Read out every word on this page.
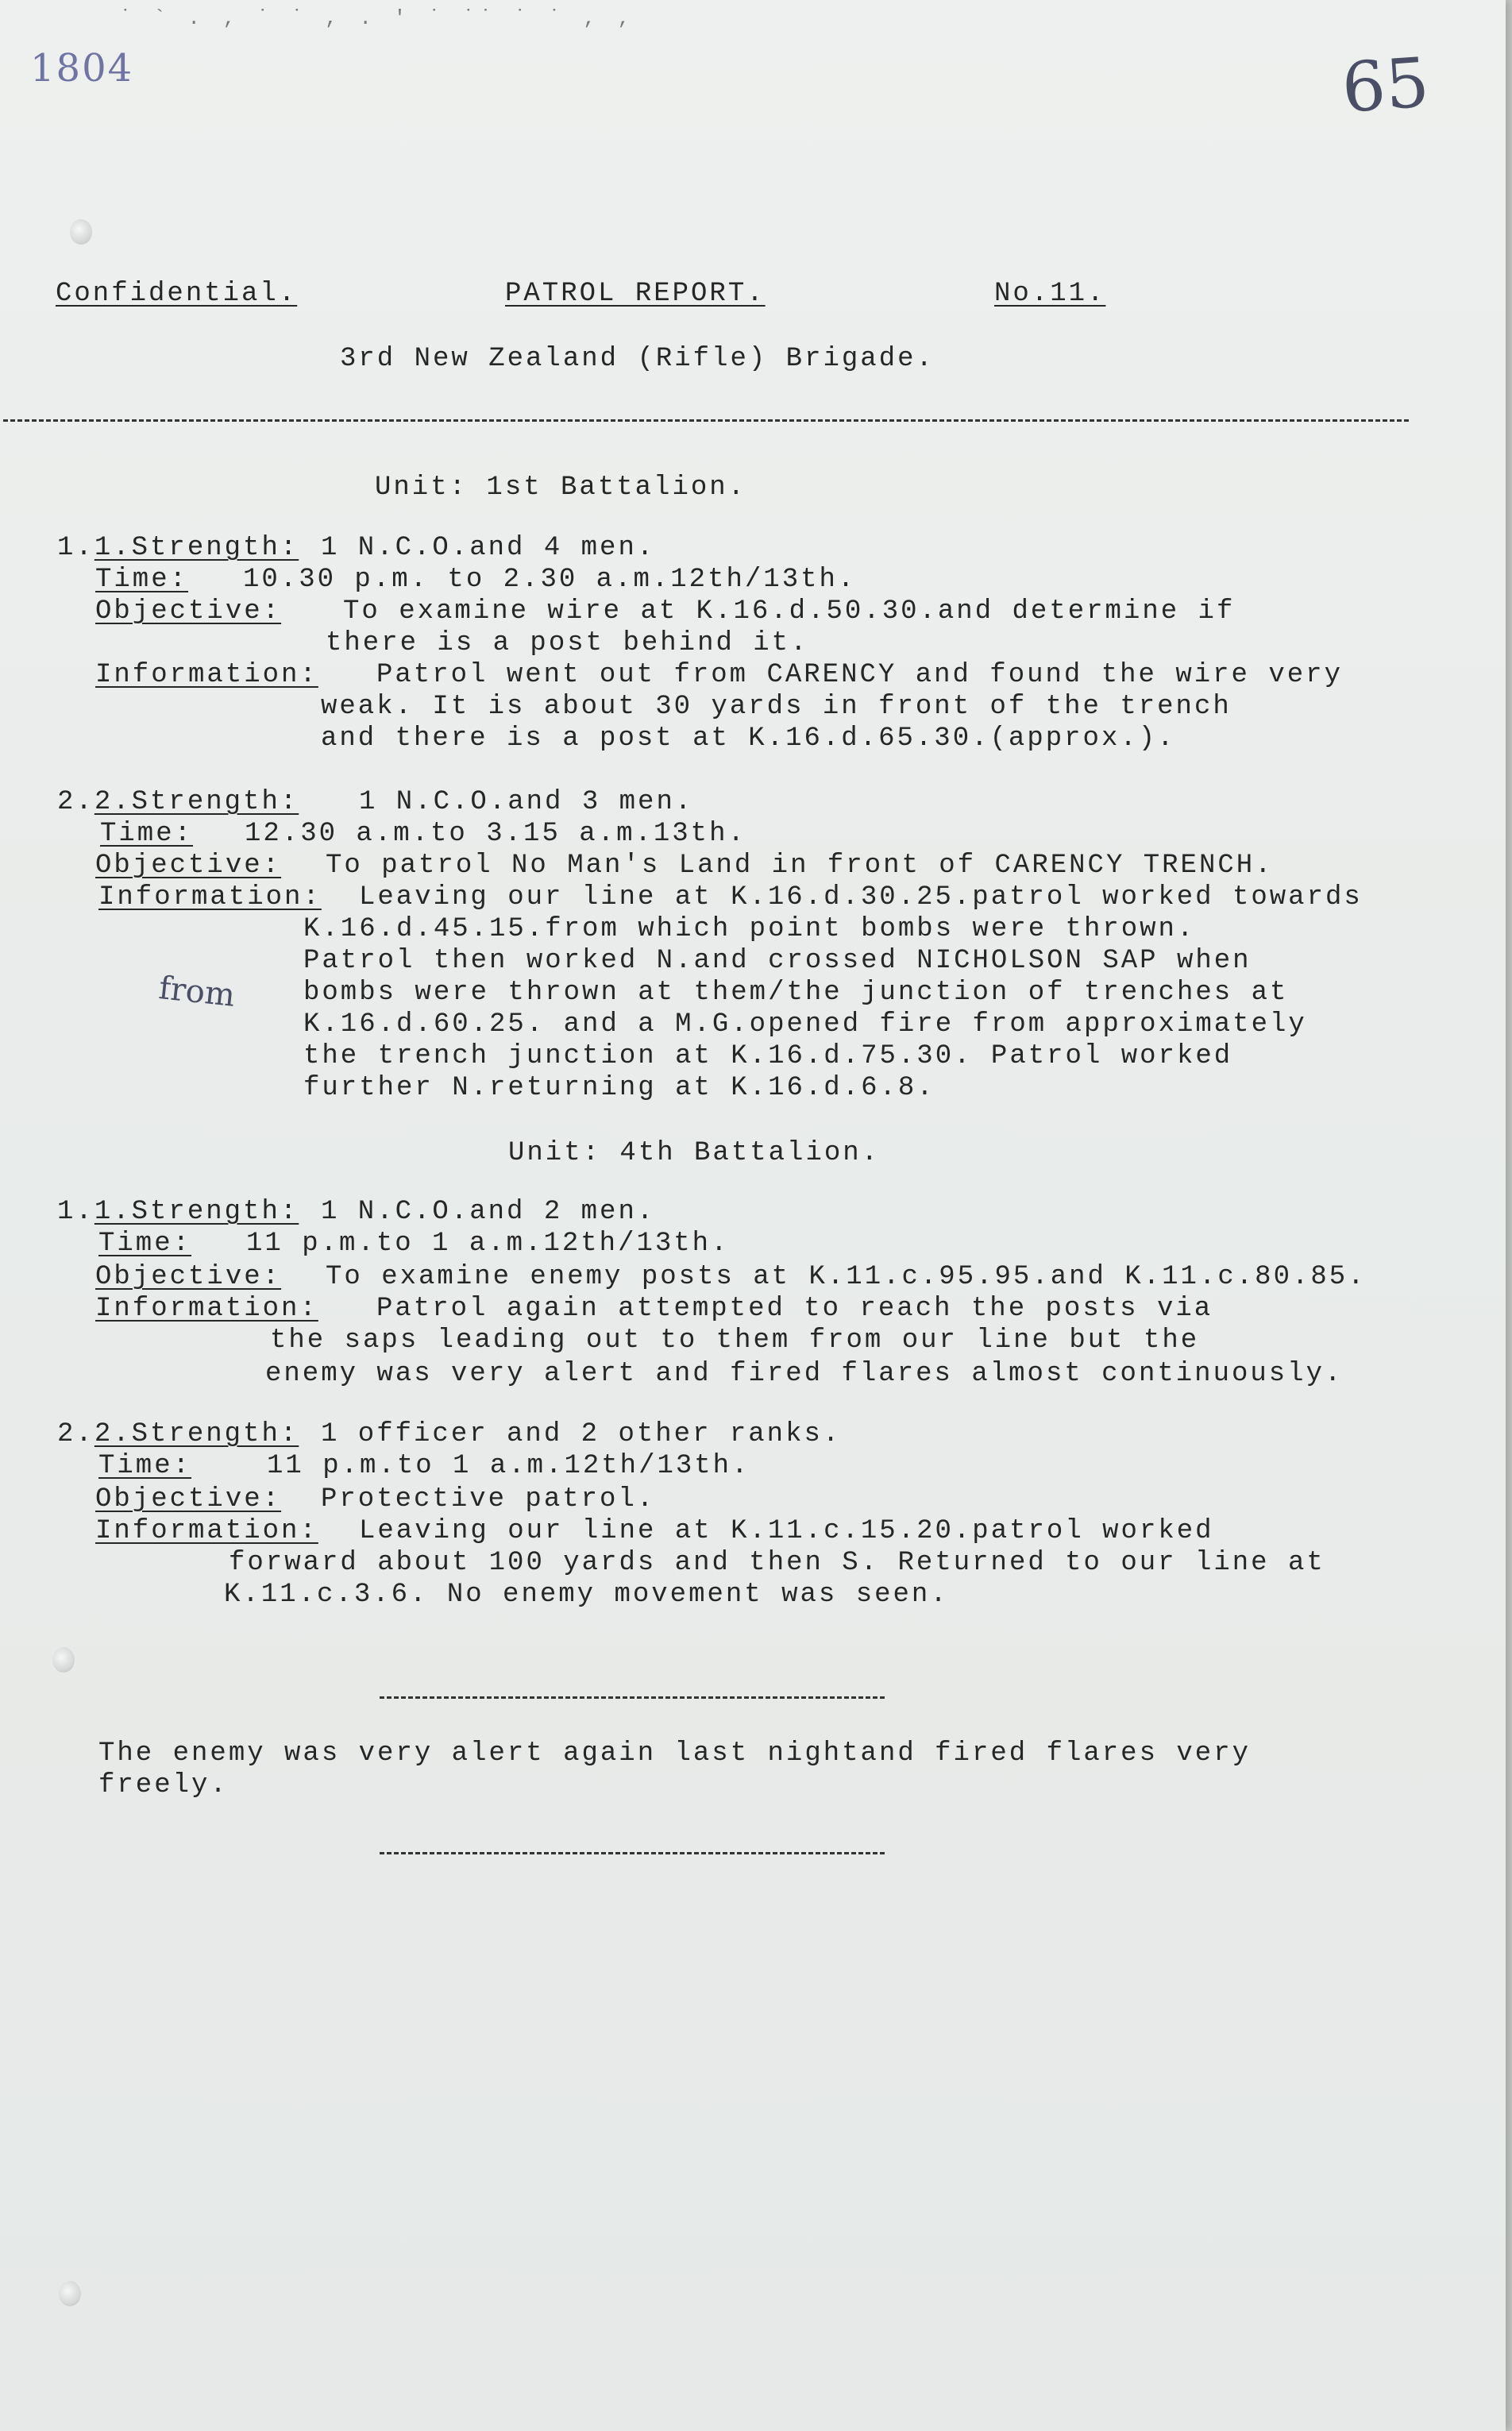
˙ ` . ‚ ˙ ˙ , . ' ˙ ˙˙ ˙ ˙ ‚ ‚
1804	65
Confidential.	PATROL REPORT.	No.11.
3rd New Zealand (Rifle) Brigade.
Unit: 1st Battalion.
1.1.Strength: 1 N.C.O.and 4 men.
Time: 10.30 p.m. to 2.30 a.m.12th/13th.
Objective: To examine wire at K.16.d.50.30.and determine if
there is a post behind it.
Information: Patrol went out from CARENCY and found the wire very
weak. It is about 30 yards in front of the trench
and there is a post at K.16.d.65.30.(approx.).
2.2.Strength: 1 N.C.O.and 3 men.
Time: 12.30 a.m.to 3.15 a.m.13th.
Objective: To patrol No Man's Land in front of CARENCY TRENCH.
Information: Leaving our line at K.16.d.30.25.patrol worked towards
K.16.d.45.15.from which point bombs were thrown.
Patrol then worked N.and crossed NICHOLSON SAP when
from bombs were thrown at them/the junction of trenches at
K.16.d.60.25. and a M.G.opened fire from approximately
the trench junction at K.16.d.75.30. Patrol worked
further N.returning at K.16.d.6.8.
Unit: 4th Battalion.
1.1.Strength: 1 N.C.O.and 2 men.
Time: 11 p.m.to 1 a.m.12th/13th.
Objective: To examine enemy posts at K.11.c.95.95.and K.11.c.80.85.
Information: Patrol again attempted to reach the posts via
the saps leading out to them from our line but the
enemy was very alert and fired flares almost continuously.
2.2.Strength: 1 officer and 2 other ranks.
Time:	11 p.m.to 1 a.m.12th/13th.
Objective: Protective patrol.
Information: Leaving our line at K.11.c.15.20.patrol worked
forward about 100 yards and then S. Returned to our line at
K.11.c.3.6. No enemy movement was seen.
The enemy was very alert again last nightand fired flares very
freely.
